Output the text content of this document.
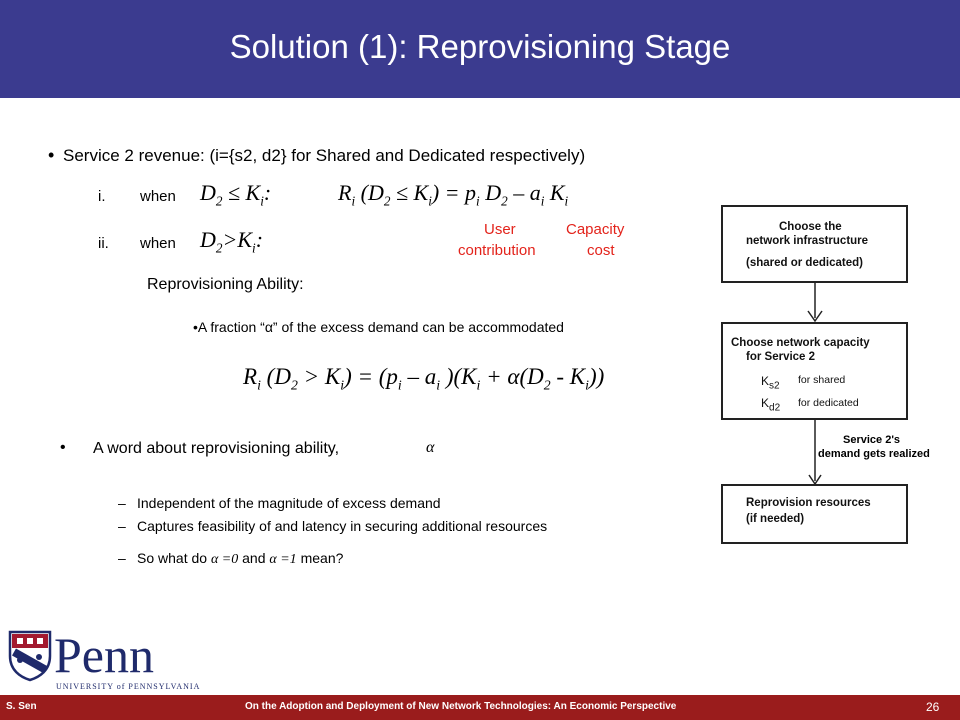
Solution (1): Reprovisioning Stage
• Service 2 revenue: (i={s2, d2} for Shared and Dedicated respectively)
i. when $D_2 \le K_i$:	$R_i$ $(D_2 \le K_i) = p_i$ $D_2 - a_i$ $K_i$
User
contribution
Capacity
cost
ii. when $D_2>K_i$:
Reprovisioning Ability:
•A fraction “α” of the excess demand can be accommodated
$R_i$ $(D_2 > K_i) = (p_i - a_i$ )$(K_i + \alpha(D_2 - K_i))$
• A word about reprovisioning ability,	α
– Independent of the magnitude of excess demand
– Captures feasibility of and latency in securing additional resources
– So what do α =0 and α =1 mean?
Choose the
network infrastructure
(shared or dedicated)
Choose network capacity
for Service 2
$K_{s2}$ for shared
$K_{d2}$ for dedicated
Service 2's
demand gets realized
Reprovision resources
(if needed)
Penn
UNIVERSITY of PENNSYLVANIA
S. Sen	On the Adoption and Deployment of New Network Technologies: An Economic Perspective	26
